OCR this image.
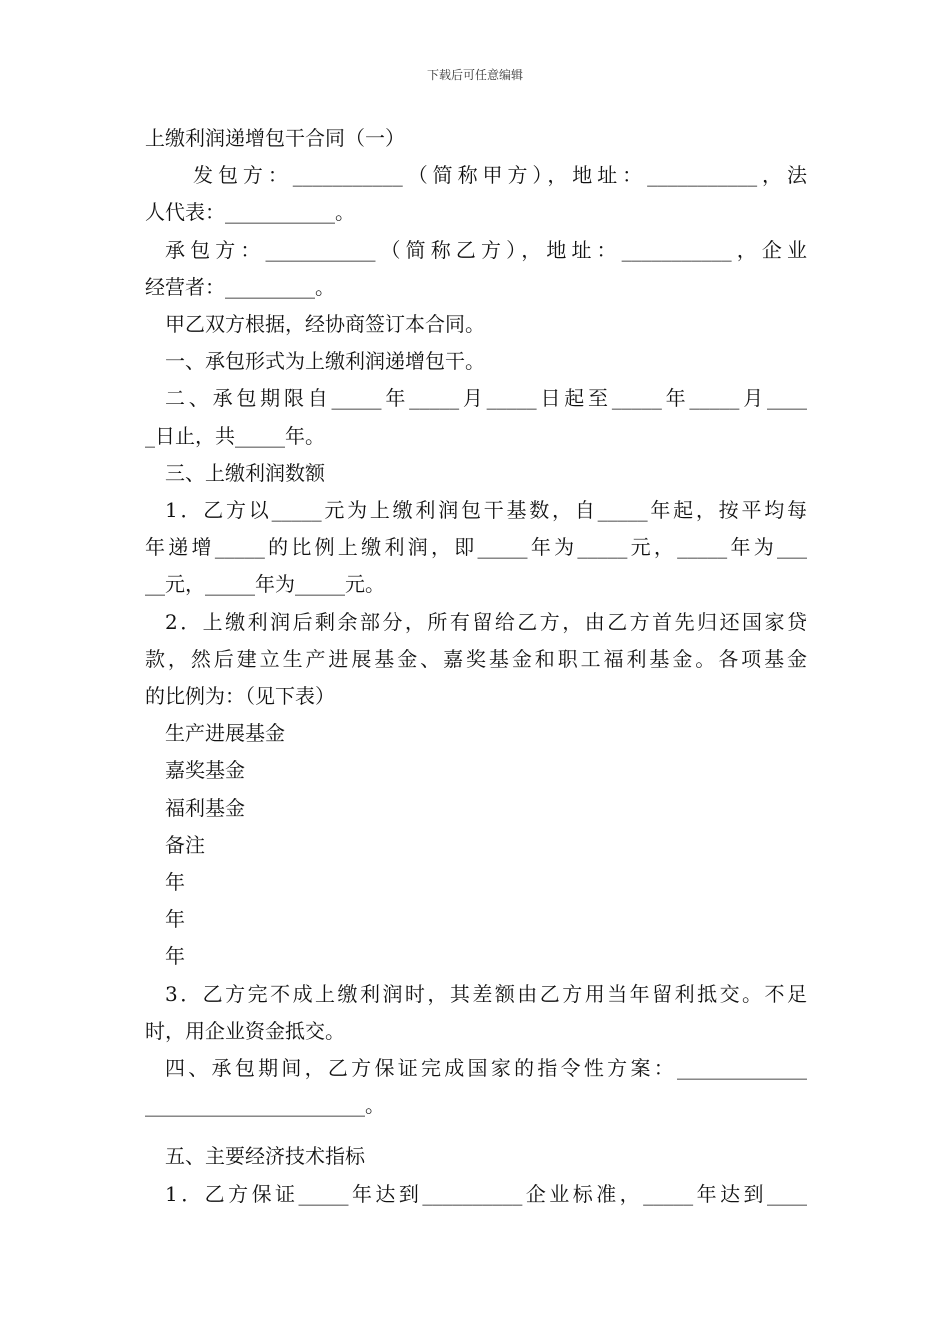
下载后可任意编辑

上缴利润递增包干合同（一）

发包方：___________（简称甲方），地址：___________，法

人代表：___________。

承包方：___________（简称乙方），地址：___________，企业

经营者：_________。

甲乙双方根据，经协商签订本合同。

一、承包形式为上缴利润递增包干。

二、承包期限自_____年_____月_____日起至_____年_____月____

_日止，共_____年。

三、上缴利润数额

1．乙方以_____元为上缴利润包干基数，自_____年起，按平均每

年递增_____的比例上缴利润，即_____年为_____元，_____年为___

__元，_____年为_____元。

2．上缴利润后剩余部分，所有留给乙方，由乙方首先归还国家贷

款，然后建立生产进展基金、嘉奖基金和职工福利基金。各项基金

的比例为：（见下表）

生产进展基金

嘉奖基金

福利基金

备注

年

年

年

3．乙方完不成上缴利润时，其差额由乙方用当年留利抵交。不足

时，用企业资金抵交。

四、承包期间，乙方保证完成国家的指令性方案：_____________

______________________。

五、主要经济技术指标

1．乙方保证_____年达到__________企业标准，_____年达到____
